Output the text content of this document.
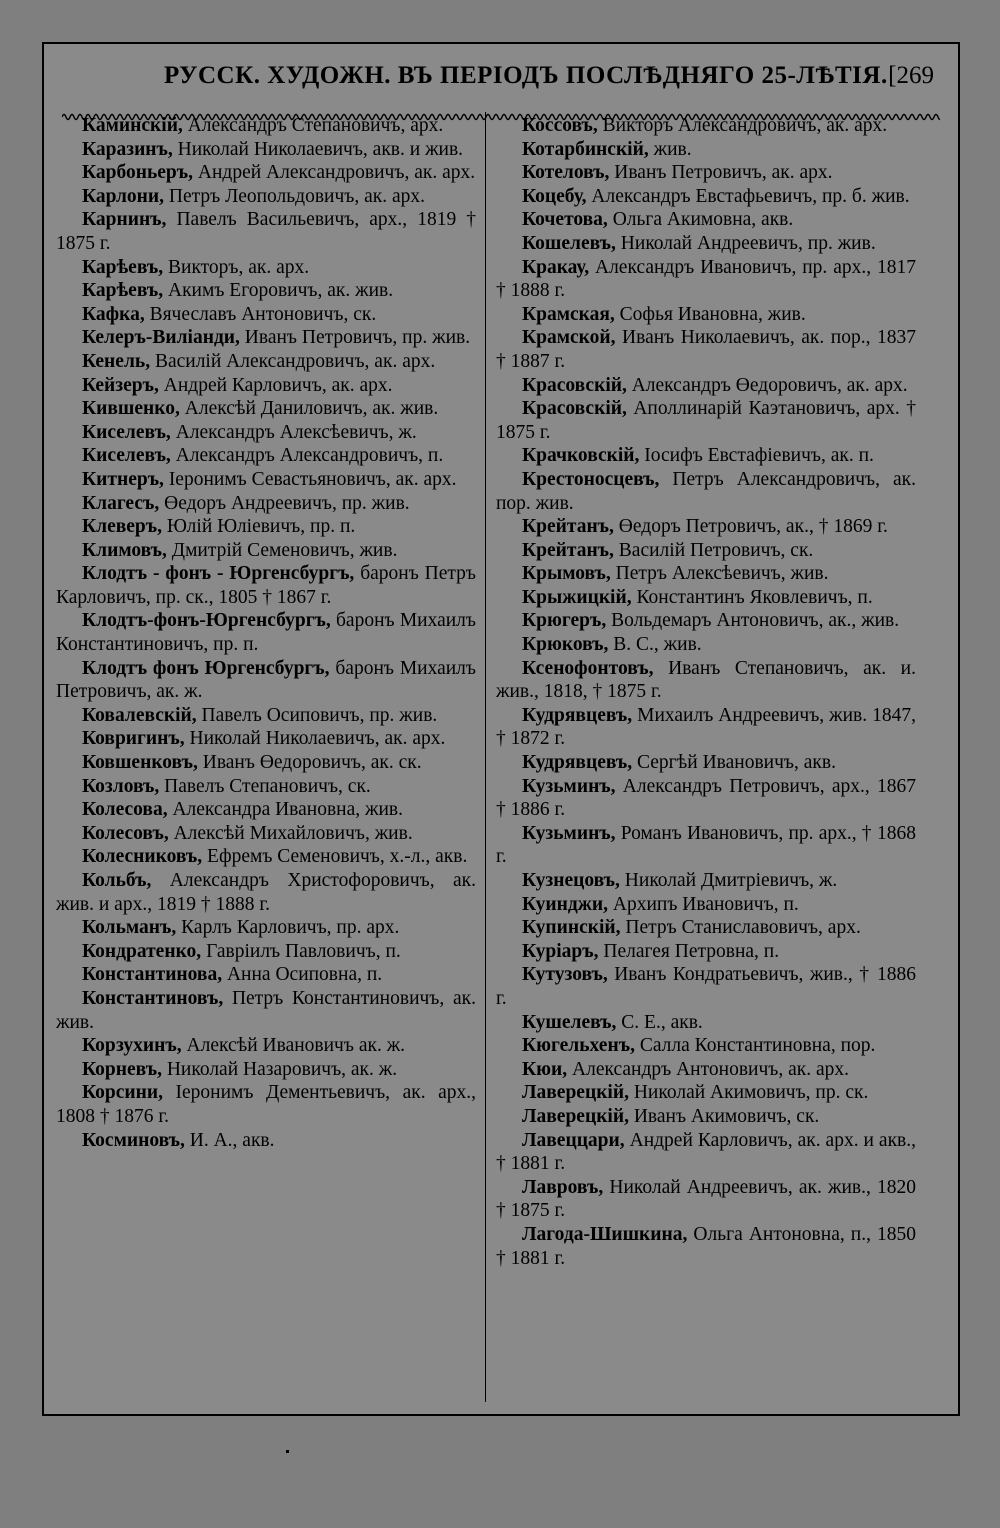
РУССК. ХУДОЖН. ВЪ ПЕРІОДЪ ПОСЛѢДНЯГО 25-ЛѢТІЯ. [269

Каминскій, Александръ Степановичъ, арх.

Каразинъ, Николай Николаевичъ, акв. и жив.

Карбоньеръ, Андрей Александровичъ, ак. арх.

Карлони, Петръ Леопольдовичъ, ак. арх.

Карнинъ, Павелъ Васильевичъ, арх., 1819 † 1875 г.

Карѣевъ, Викторъ, ак. арх.

Карѣевъ, Акимъ Егоровичъ, ак. жив.

Кафка, Вячеславъ Антоновичъ, ск.

Келеръ-Виліанди, Иванъ Петровичъ, пр. жив.

Кенель, Василій Александровичъ, ак. арх.

Кейзеръ, Андрей Карловичъ, ак. арх.

Кившенко, Алексѣй Даниловичъ, ак. жив.

Киселевъ, Александръ Алексѣевичъ, ж.

Киселевъ, Александръ Александровичъ, п.

Китнеръ, Іеронимъ Севастьяновичъ, ак. арх.

Клагесъ, Өедоръ Андреевичъ, пр. жив.

Клеверъ, Юлій Юліевичъ, пр. п.

Климовъ, Дмитрій Семеновичъ, жив.

Клодтъ - фонъ - Юргенсбургъ, баронъ Петръ Карловичъ, пр. ск., 1805 † 1867 г.

Клодтъ-фонъ-Юргенсбургъ, баронъ Михаилъ Константиновичъ, пр. п.

Клодтъ фонъ Юргенсбургъ, баронъ Михаилъ Петровичъ, ак. ж.

Ковалевскій, Павелъ Осиповичъ, пр. жив.

Ковригинъ, Николай Николаевичъ, ак. арх.

Ковшенковъ, Иванъ Өедоровичъ, ак. ск.

Козловъ, Павелъ Степановичъ, ск.

Колесова, Александра Ивановна, жив.

Колесовъ, Алексѣй Михайловичъ, жив.

Колесниковъ, Ефремъ Семеновичъ, х.-л., акв.

Кольбъ, Александръ Христофоровичъ, ак. жив. и арх., 1819 † 1888 г.

Кольманъ, Карлъ Карловичъ, пр. арх.

Кондратенко, Гавріилъ Павловичъ, п.

Константинова, Анна Осиповна, п.

Константиновъ, Петръ Константиновичъ, ак. жив.

Корзухинъ, Алексѣй Ивановичъ ак. ж.

Корневъ, Николай Назаровичъ, ак. ж.

Корсини, Іеронимъ Дементьевичъ, ак. арх., 1808 † 1876 г.

Косминовъ, И. А., акв.

Коссовъ, Викторъ Александровичъ, ак. арх.

Котарбинскій, жив.

Котеловъ, Иванъ Петровичъ, ак. арх.

Коцебу, Александръ Евстафьевичъ, пр. б. жив.

Кочетова, Ольга Акимовна, акв.

Кошелевъ, Николай Андреевичъ, пр. жив.

Кракау, Александръ Ивановичъ, пр. арх., 1817 † 1888 г.

Крамская, Софья Ивановна, жив.

Крамской, Иванъ Николаевичъ, ак. пор., 1837 † 1887 г.

Красовскій, Александръ Өедоровичъ, ак. арх.

Красовскій, Аполлинарій Каэтановичъ, арх. † 1875 г.

Крачковскій, Іосифъ Евстафіевичъ, ак. п.

Крестоносцевъ, Петръ Александровичъ, ак. пор. жив.

Крейтанъ, Өедоръ Петровичъ, ак., † 1869 г.

Крейтанъ, Василій Петровичъ, ск.

Крымовъ, Петръ Алексѣевичъ, жив.

Крыжицкій, Константинъ Яковлевичъ, п.

Крюгеръ, Вольдемаръ Антоновичъ, ак., жив.

Крюковъ, В. С., жив.

Ксенофонтовъ, Иванъ Степановичъ, ак. и. жив., 1818, † 1875 г.

Кудрявцевъ, Михаилъ Андреевичъ, жив. 1847, † 1872 г.

Кудрявцевъ, Сергѣй Ивановичъ, акв.

Кузьминъ, Александръ Петровичъ, арх., 1867 † 1886 г.

Кузьминъ, Романъ Ивановичъ, пр. арх., † 1868 г.

Кузнецовъ, Николай Дмитріевичъ, ж.

Куинджи, Архипъ Ивановичъ, п.

Купинскій, Петръ Станиславовичъ, арх.

Куріаръ, Пелагея Петровна, п.

Кутузовъ, Иванъ Кондратьевичъ, жив., † 1886 г.

Кушелевъ, С. Е., акв.

Кюгельхенъ, Салла Константиновна, пор.

Кюи, Александръ Антоновичъ, ак. арх.

Лаверецкій, Николай Акимовичъ, пр. ск.

Лаверецкій, Иванъ Акимовичъ, ск.

Лавеццари, Андрей Карловичъ, ак. арх. и акв., † 1881 г.

Лавровъ, Николай Андреевичъ, ак. жив., 1820 † 1875 г.

Лагода-Шишкина, Ольга Антоновна, п., 1850 † 1881 г.
